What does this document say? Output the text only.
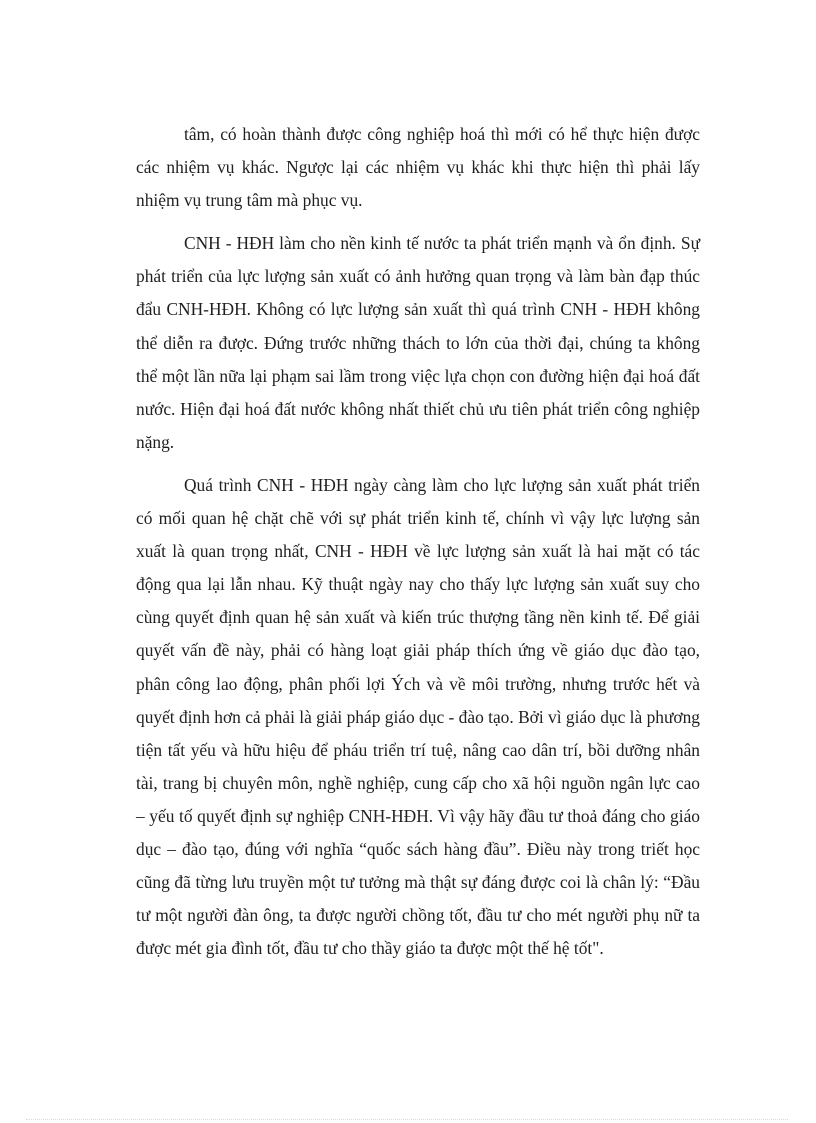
tâm, có hoàn thành được công nghiệp hoá thì mới có hể thực hiện được các nhiệm vụ khác. Ngược lại các nhiệm vụ khác khi thực hiện thì phải lấy nhiệm vụ trung tâm mà phục vụ.

CNH - HĐH làm cho nền kinh tế nước ta phát triển mạnh và ổn định. Sự phát triển của lực lượng sản xuất có ảnh hưởng quan trọng và làm bàn đạp thúc đẩu CNH-HĐH. Không có lực lượng sản xuất thì quá trình CNH - HĐH không thể diễn ra được. Đứng trước những thách to lớn của thời đại, chúng ta không thể một lần nữa lại phạm sai lầm trong việc lựa chọn con đường hiện đại hoá đất nước. Hiện đại hoá đất nước không nhất thiết chủ ưu tiên phát triển công nghiệp nặng.

Quá trình CNH - HĐH ngày càng làm cho lực lượng sản xuất phát triển có mối quan hệ chặt chẽ với sự phát triển kinh tế, chính vì vậy lực lượng sản xuất là quan trọng nhất, CNH - HĐH về lực lượng sản xuất là hai mặt có tác động qua lại lẫn nhau. Kỹ thuật ngày nay cho thấy lực lượng sản xuất suy cho cùng quyết định quan hệ sản xuất và kiến trúc thượng tầng nền kinh tế. Để giải quyết vấn đề này, phải có hàng loạt giải pháp thích ứng về giáo dục đào tạo, phân công lao động, phân phối lợi Ých và về môi trường, nhưng trước hết và quyết định hơn cả phải là giải pháp giáo dục - đào tạo. Bởi vì giáo dục là phương tiện tất yếu và hữu hiệu để pháu triển trí tuệ, nâng cao dân trí, bồi dưỡng nhân tài, trang bị chuyên môn, nghề nghiệp, cung cấp cho xã hội nguồn ngân lực cao – yếu tố quyết định sự nghiệp CNH-HĐH. Vì vậy hãy đầu tư thoả đáng cho giáo dục – đào tạo, đúng với nghĩa “quốc sách hàng đầu”. Điều này trong triết học cũng đã từng lưu truyền một tư tưởng mà thật sự đáng được coi là chân lý: “Đầu tư một người đàn ông, ta được người chồng tốt, đầu tư cho mét người phụ nữ ta được mét gia đình tốt, đầu tư cho thầy giáo ta được một thế hệ tốt".
